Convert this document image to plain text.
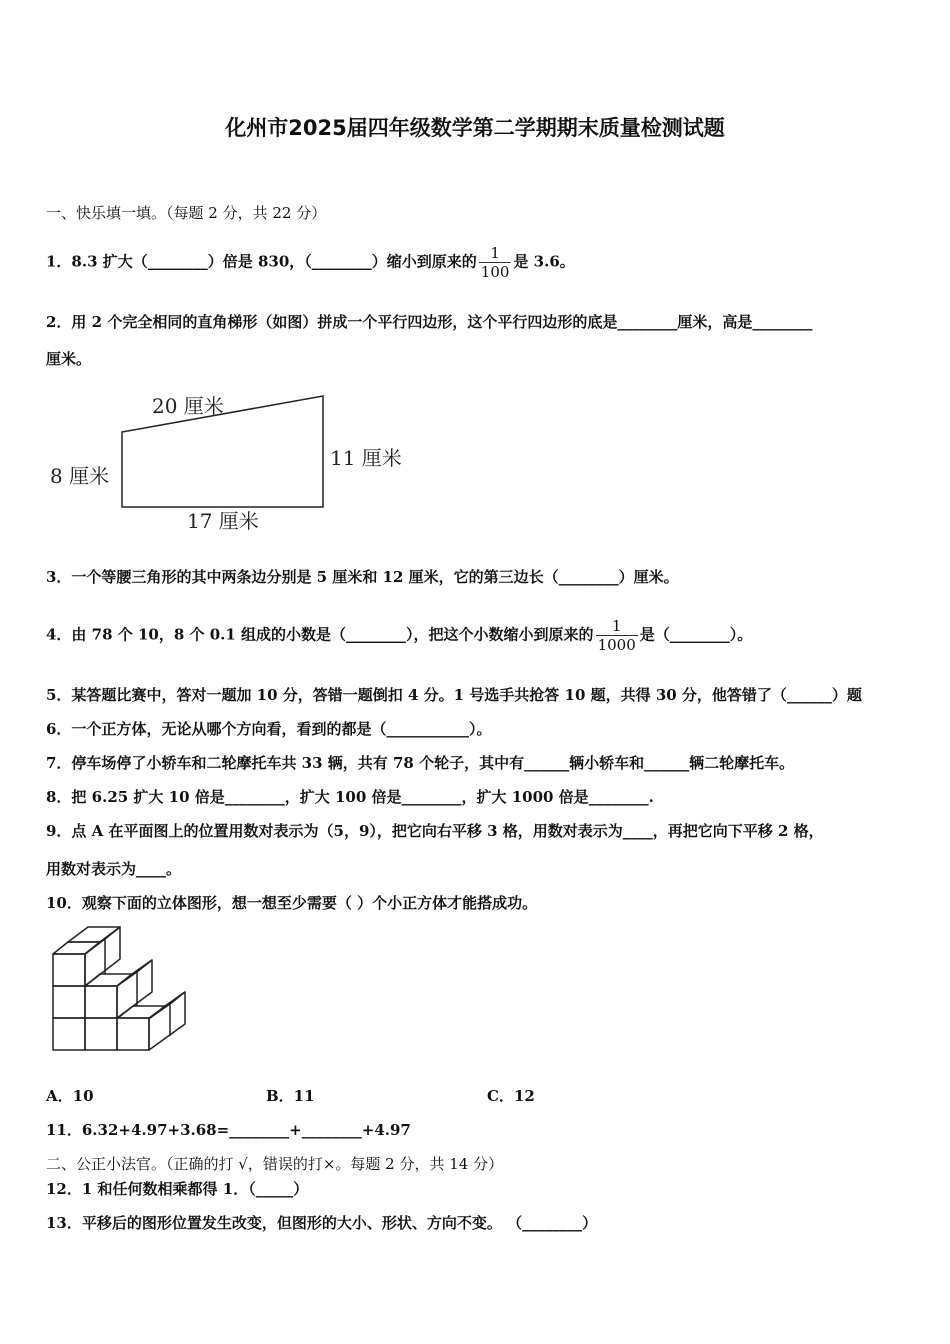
化州市2025届四年级数学第二学期期末质量检测试题
一、快乐填一填。（每题 2 分，共 22 分）
1．8.3 扩大（________）倍是 830，（________）缩小到原来的 $\frac{1}{100}$ 是 3.6。
2．用 2 个完全相同的直角梯形（如图）拼成一个平行四边形，这个平行四边形的底是________厘米，高是________
厘米。
20 厘米
8 厘米
11 厘米
17 厘米
3．一个等腰三角形的其中两条边分别是 5 厘米和 12 厘米，它的第三边长（________）厘米。
4．由 78 个 10，8 个 0.1 组成的小数是（________），把这个小数缩小到原来的 $\frac{1}{1000}$ 是（________）。
5．某答题比赛中，答对一题加 10 分，答错一题倒扣 4 分。1 号选手共抢答 10 题，共得 30 分，他答错了（______）题
6．一个正方体，无论从哪个方向看，看到的都是（___________）。
7．停车场停了小轿车和二轮摩托车共 33 辆，共有 78 个轮子，其中有______辆小轿车和______辆二轮摩托车。
8．把 6.25 扩大 10 倍是________，扩大 100 倍是________，扩大 1000 倍是________.
9．点 A 在平面图上的位置用数对表示为（5，9），把它向右平移 3 格，用数对表示为____，再把它向下平移 2 格，
用数对表示为____。
10．观察下面的立体图形，想一想至少需要（ ）个小正方体才能搭成功。
A．10	B．11	C．12
11．6.32+4.97+3.68=________+________+4.97
二、公正小法官。（正确的打 √，错误的打×。每题 2 分，共 14 分）
12．1 和任何数相乘都得 1．（_____）
13．平移后的图形位置发生改变，但图形的大小、形状、方向不变。 （________）
